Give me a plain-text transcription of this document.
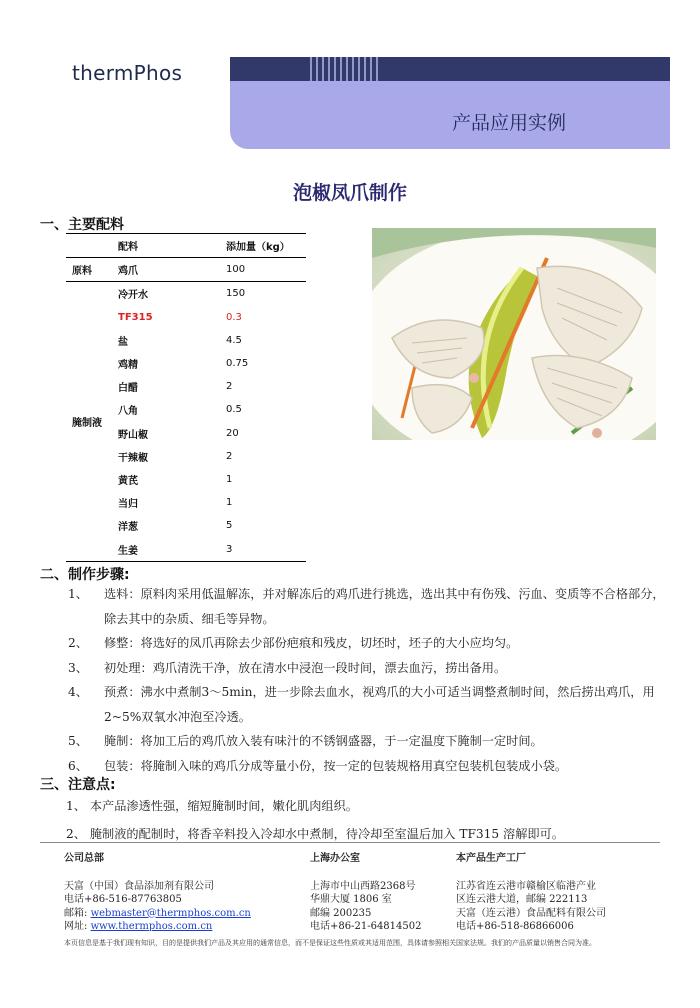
thermPhos
产品应用实例
泡椒凤爪制作
一、主要配料
	配料	添加量（kg）
原料	鸡爪	100
腌制液	冷开水	150
	TF315	0.3
	盐	4.5
	鸡精	0.75
	白醋	2
	八角	0.5
	野山椒	20
	干辣椒	2
	黄芪	1
	当归	1
	洋葱	5
	生姜	3
二、制作步骤:
1、	选料：原料肉采用低温解冻，并对解冻后的鸡爪进行挑选，选出其中有伤残、污血、变质等不合格部分，除去其中的杂质、细毛等异物。
2、	修整：将选好的凤爪再除去少部份疤痕和残皮，切坯时，坯子的大小应均匀。
3、	初处理：鸡爪清洗干净，放在清水中浸泡一段时间，漂去血污，捞出备用。
4、	预煮：沸水中煮制3～5min，进一步除去血水，视鸡爪的大小可适当调整煮制时间，然后捞出鸡爪，用2~5%双氧水冲泡至冷透。
5、	腌制：将加工后的鸡爪放入装有味汁的不锈钢盛器，于一定温度下腌制一定时间。
6、	包装：将腌制入味的鸡爪分成等量小份，按一定的包装规格用真空包装机包装成小袋。
三、注意点:
1、 本产品渗透性强，缩短腌制时间，嫩化肌肉组织。
2、 腌制液的配制时，将香辛料投入冷却水中煮制，待冷却至室温后加入 TF315 溶解即可。
公司总部
天富（中国）食品添加剂有限公司
电话+86-516-87763805
邮箱: webmaster@thermphos.com.cn
网址: www.thermphos.com.cn
上海办公室
上海市中山西路2368号
华鼎大厦 1806 室
邮编 200235
电话+86-21-64814502
本产品生产工厂
江苏省连云港市赣榆区临港产业
区连云港大道，邮编 222113
天富（连云港）食品配料有限公司
电话+86-518-86866006
本页信息是基于我们现有知识，目的是提供我们产品及其应用的通常信息，而不是保证这些性质或其适用范围，具体请参照相关国家法规。我们的产品质量以销售合同为准。
